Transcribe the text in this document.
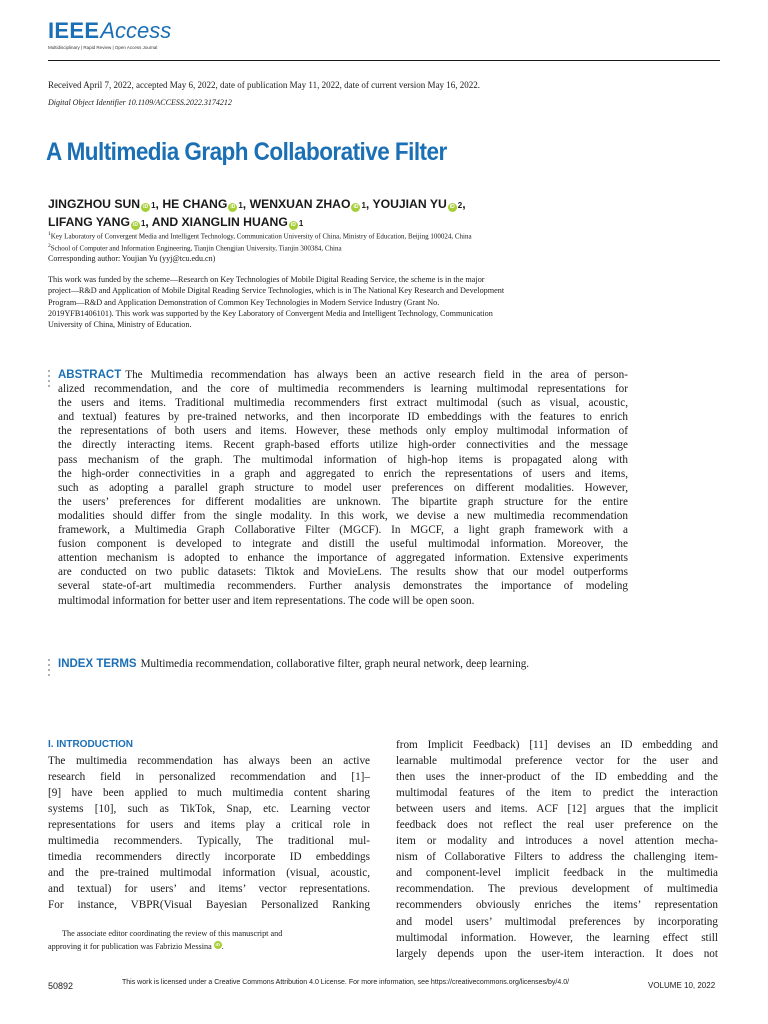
IEEEAccess
Multidisciplinary | Rapid Review | Open Access Journal
Received April 7, 2022, accepted May 6, 2022, date of publication May 11, 2022, date of current version May 16, 2022.
Digital Object Identifier 10.1109/ACCESS.2022.3174212
A Multimedia Graph Collaborative Filter
JINGZHOU SUN iD 1, HE CHANG iD 1, WENXUAN ZHAO iD 1, YOUJIAN YU iD 2,
LIFANG YANG iD 1, AND XIANGLIN HUANG iD 1
$^1$Key Laboratory of Convergent Media and Intelligent Technology, Communication University of China, Ministry of Education, Beijing 100024, China
$^2$School of Computer and Information Engineering, Tianjin Chengjian University, Tianjin 300384, China
Corresponding author: Youjian Yu (yyj@tcu.edu.cn)
This work was funded by the scheme—Research on Key Technologies of Mobile Digital Reading Service, the scheme is in the major
project—R&D and Application of Mobile Digital Reading Service Technologies, which is in The National Key Research and Development
Program—R&D and Application Demonstration of Common Key Technologies in Modern Service Industry (Grant No.
2019YFB1406101). This work was supported by the Key Laboratory of Convergent Media and Intelligent Technology, Communication
University of China, Ministry of Education.
ABSTRACT The Multimedia recommendation has always been an active research field in the area of person-
alized recommendation, and the core of multimedia recommenders is learning multimodal representations for
the users and items. Traditional multimedia recommenders first extract multimodal (such as visual, acoustic,
and textual) features by pre-trained networks, and then incorporate ID embeddings with the features to enrich
the representations of both users and items. However, these methods only employ multimodal information of
the directly interacting items. Recent graph-based efforts utilize high-order connectivities and the message
pass mechanism of the graph. The multimodal information of high-hop items is propagated along with
the high-order connectivities in a graph and aggregated to enrich the representations of users and items,
such as adopting a parallel graph structure to model user preferences on different modalities. However,
the users’ preferences for different modalities are unknown. The bipartite graph structure for the entire
modalities should differ from the single modality. In this work, we devise a new multimedia recommendation
framework, a Multimedia Graph Collaborative Filter (MGCF). In MGCF, a light graph framework with a
fusion component is developed to integrate and distill the useful multimodal information. Moreover, the
attention mechanism is adopted to enhance the importance of aggregated information. Extensive experiments
are conducted on two public datasets: Tiktok and MovieLens. The results show that our model outperforms
several state-of-art multimedia recommenders. Further analysis demonstrates the importance of modeling
multimodal information for better user and item representations. The code will be open soon.
INDEX TERMS Multimedia recommendation, collaborative filter, graph neural network, deep learning.
I. INTRODUCTION
The multimedia recommendation has always been an active
research field in personalized recommendation and [1]–
[9] have been applied to much multimedia content sharing
systems [10], such as TikTok, Snap, etc. Learning vector
representations for users and items play a critical role in
multimedia recommenders. Typically, The traditional mul-
timedia recommenders directly incorporate ID embeddings
and the pre-trained multimodal information (visual, acoustic,
and textual) for users’ and items’ vector representations.
For instance, VBPR(Visual Bayesian Personalized Ranking
from Implicit Feedback) [11] devises an ID embedding and
learnable multimodal preference vector for the user and
then uses the inner-product of the ID embedding and the
multimodal features of the item to predict the interaction
between users and items. ACF [12] argues that the implicit
feedback does not reflect the real user preference on the
item or modality and introduces a novel attention mecha-
nism of Collaborative Filters to address the challenging item-
and component-level implicit feedback in the multimedia
recommendation. The previous development of multimedia
recommenders obviously enriches the items’ representation
and model users’ multimodal preferences by incorporating
multimodal information. However, the learning effect still
largely depends upon the user-item interaction. It does not
The associate editor coordinating the review of this manuscript and
approving it for publication was Fabrizio Messina iD .
50892	This work is licensed under a Creative Commons Attribution 4.0 License. For more information, see https://creativecommons.org/licenses/by/4.0/	VOLUME 10, 2022
